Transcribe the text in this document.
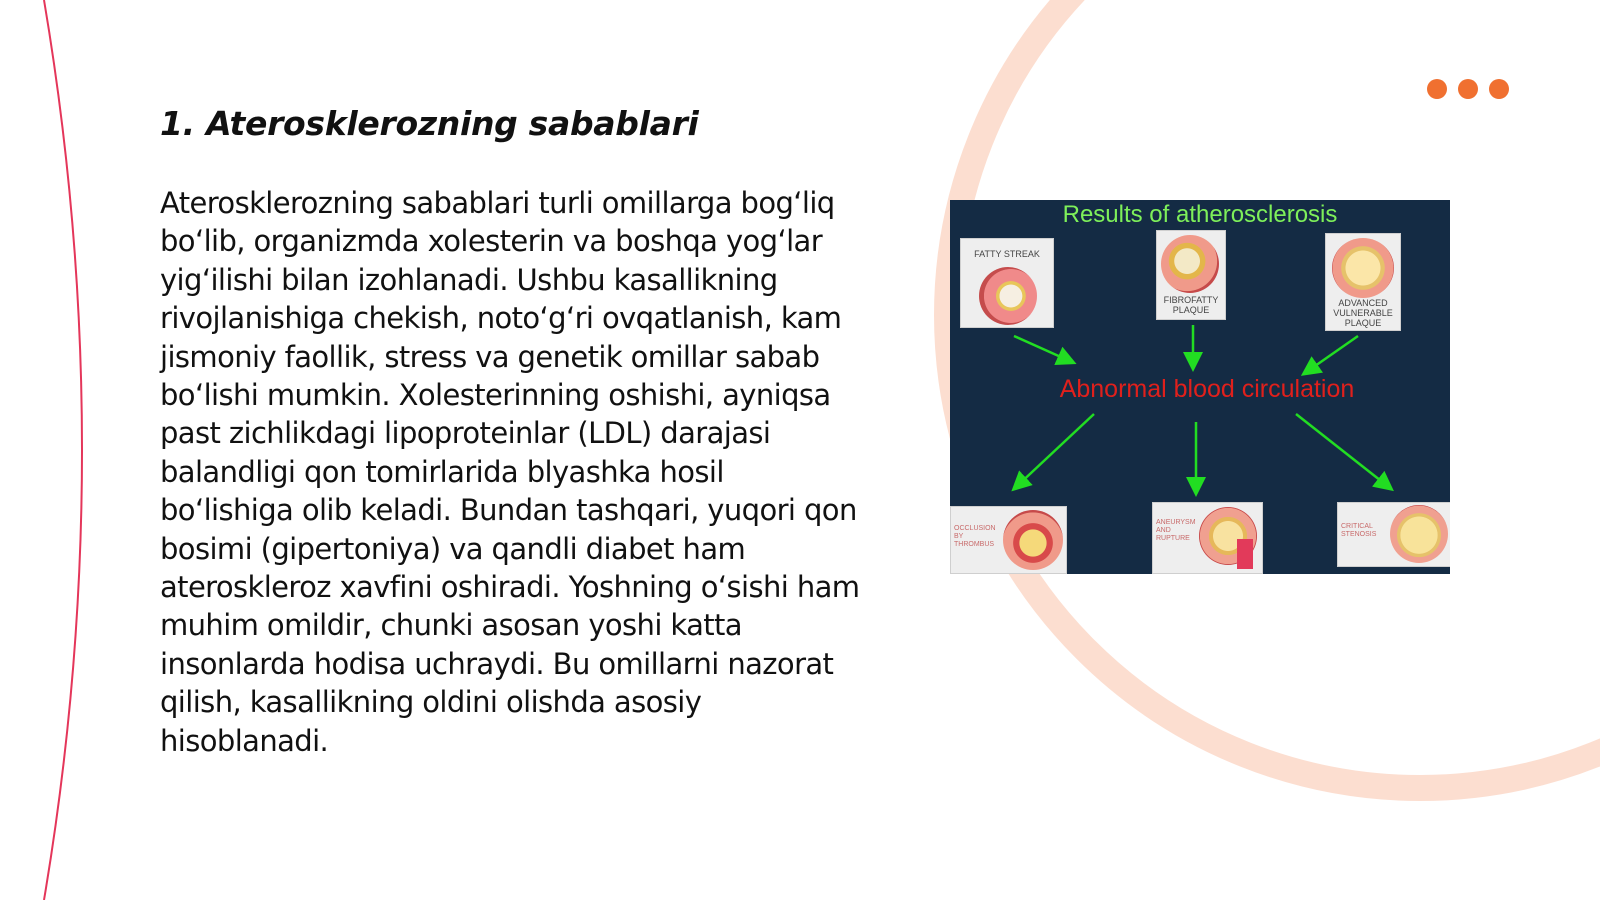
1. Aterosklerozning sabablari

Aterosklerozning sabablari turli omillarga bog‘liq bo‘lib, organizmda xolesterin va boshqa yog‘lar yig‘ilishi bilan izohlanadi. Ushbu kasallikning rivojlanishiga chekish, noto‘g‘ri ovqatlanish, kam jismoniy faollik, stress va genetik omillar sabab bo‘lishi mumkin. Xolesterinning oshishi, ayniqsa past zichlikdagi lipoproteinlar (LDL) darajasi balandligi qon tomirlarida blyashka hosil bo‘lishiga olib keladi. Bundan tashqari, yuqori qon bosimi (gipertoniya) va qandli diabet ham ateroskleroz xavfini oshiradi. Yoshning o‘sishi ham muhim omildir, chunki asosan yoshi katta insonlarda hodisa uchraydi. Bu omillarni nazorat qilish, kasallikning oldini olishda asosiy hisoblanadi.

Results of atherosclerosis
Abnormal blood circulation
FATTY STREAK
FIBROFATTY
PLAQUE
ADVANCED
VULNERABLE
PLAQUE
OCCLUSION
BY
THROMBUS
ANEURYSM
AND
RUPTURE
CRITICAL
STENOSIS
